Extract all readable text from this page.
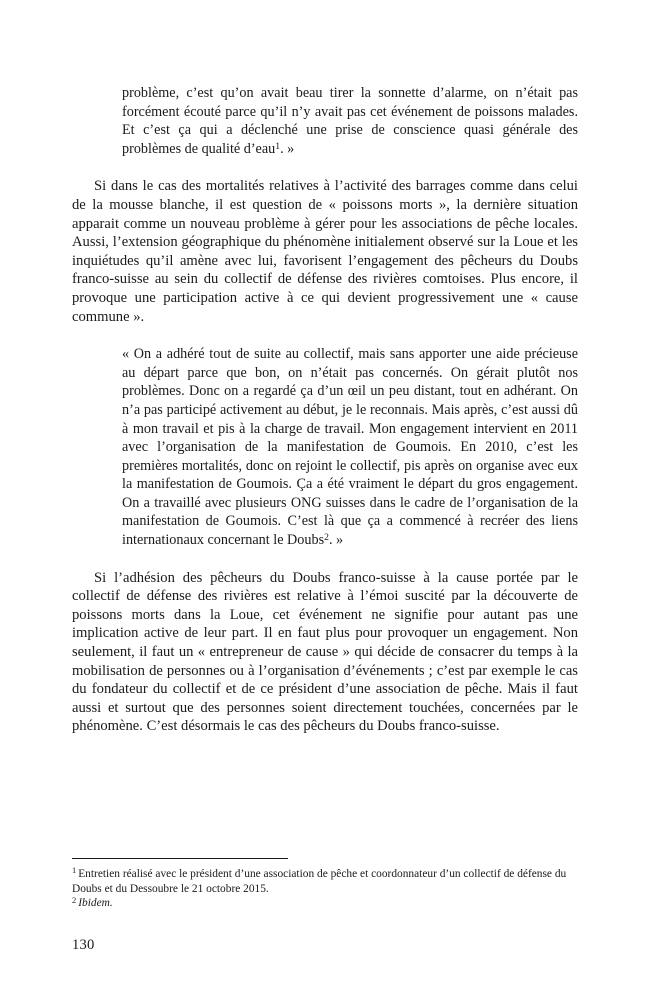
problème, c’est qu’on avait beau tirer la sonnette d’alarme, on n’était pas forcément écouté parce qu’il n’y avait pas cet événement de poissons malades. Et c’est ça qui a déclenché une prise de conscience quasi générale des problèmes de qualité d’eau$^1$. »

Si dans le cas des mortalités relatives à l’activité des barrages comme dans celui de la mousse blanche, il est question de « poissons morts », la dernière situation apparait comme un nouveau problème à gérer pour les associations de pêche locales. Aussi, l’extension géographique du phénomène initialement observé sur la Loue et les inquiétudes qu’il amène avec lui, favorisent l’engagement des pêcheurs du Doubs franco-suisse au sein du collectif de défense des rivières comtoises. Plus encore, il provoque une participation active à ce qui devient progressivement une « cause commune ».

« On a adhéré tout de suite au collectif, mais sans apporter une aide précieuse au départ parce que bon, on n’était pas concernés. On gérait plutôt nos problèmes. Donc on a regardé ça d’un œil un peu distant, tout en adhérant. On n’a pas participé activement au début, je le reconnais. Mais après, c’est aussi dû à mon travail et pis à la charge de travail. Mon engagement intervient en 2011 avec l’organisation de la manifestation de Goumois. En 2010, c’est les premières mortalités, donc on rejoint le collectif, pis après on organise avec eux la manifestation de Goumois. Ça a été vraiment le départ du gros engagement. On a travaillé avec plusieurs ONG suisses dans le cadre de l’organisation de la manifestation de Goumois. C’est là que ça a commencé à recréer des liens internationaux concernant le Doubs$^2$. »

Si l’adhésion des pêcheurs du Doubs franco-suisse à la cause portée par le collectif de défense des rivières est relative à l’émoi suscité par la découverte de poissons morts dans la Loue, cet événement ne signifie pour autant pas une implication active de leur part. Il en faut plus pour provoquer un engagement. Non seulement, il faut un « entrepreneur de cause » qui décide de consacrer du temps à la mobilisation de personnes ou à l’organisation d’événements ; c’est par exemple le cas du fondateur du collectif et de ce président d’une association de pêche. Mais il faut aussi et surtout que des personnes soient directement touchées, concernées par le phénomène. C’est désormais le cas des pêcheurs du Doubs franco-suisse.

$^1$ Entretien réalisé avec le président d’une association de pêche et coordonnateur d’un collectif de défense du Doubs et du Dessoubre le 21 octobre 2015.

$^2$ Ibidem.

130
